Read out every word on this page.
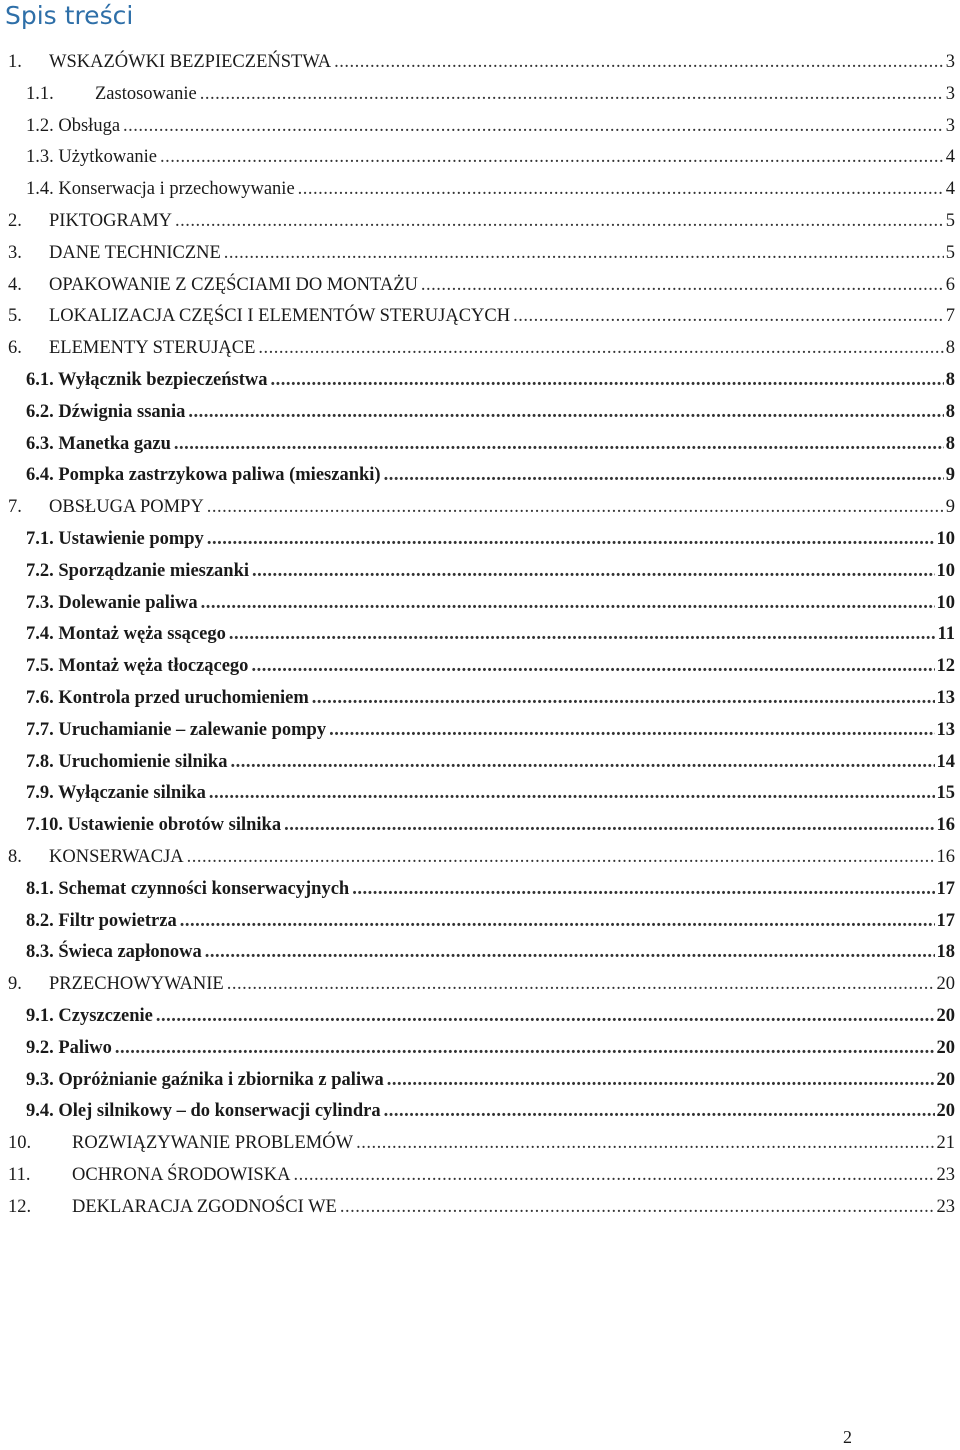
Spis treści
1. ..... WSKAZÓWKI BEZPIECZEŃSTWA	3
1.1. ..... Zastosowanie	3
.....
1.2. Obsługa	3
.....
1.3. Użytkowanie	4
.....
1.4. Konserwacja i przechowywanie	4
2. ..... PIKTOGRAMY	5
3. ..... DANE TECHNICZNE	5
4. ..... OPAKOWANIE Z CZĘŚCIAMI DO MONTAŻU	6
5. ..... LOKALIZACJA CZĘŚCI I ELEMENTÓW STERUJĄCYCH	7
6. ..... ELEMENTY STERUJĄCE	8
.....
6.1. Wyłącznik bezpieczeństwa	8
.....
6.2. Dźwignia ssania	8
.....
6.3. Manetka gazu	8
.....
6.4. Pompka zastrzykowa paliwa (mieszanki)	9
7. ..... OBSŁUGA POMPY	9
.....
7.1. Ustawienie pompy	10
.....
7.2. Sporządzanie mieszanki	10
.....
7.3. Dolewanie paliwa	10
.....
7.4. Montaż węża ssącego	11
.....
7.5. Montaż węża tłoczącego	12
.....
7.6. Kontrola przed uruchomieniem	13
.....
7.7. Uruchamianie – zalewanie pompy	13
.....
7.8. Uruchomienie silnika	14
.....
7.9. Wyłączanie silnika	15
.....
7.10. Ustawienie obrotów silnika	16
8. ..... KONSERWACJA	16
.....
8.1. Schemat czynności konserwacyjnych	17
.....
8.2. Filtr powietrza	17
.....
8.3. Świeca zapłonowa	18
9. ..... PRZECHOWYWANIE	20
.....
9.1. Czyszczenie	20
.....
9.2. Paliwo	20
.....
9.3. Opróżnianie gaźnika i zbiornika z paliwa	20
.....
9.4. Olej silnikowy – do konserwacji cylindra	20
10. ..... ROZWIĄZYWANIE PROBLEMÓW	21
11. ..... OCHRONA ŚRODOWISKA	23
12. ..... DEKLARACJA ZGODNOŚCI WE	23
2
